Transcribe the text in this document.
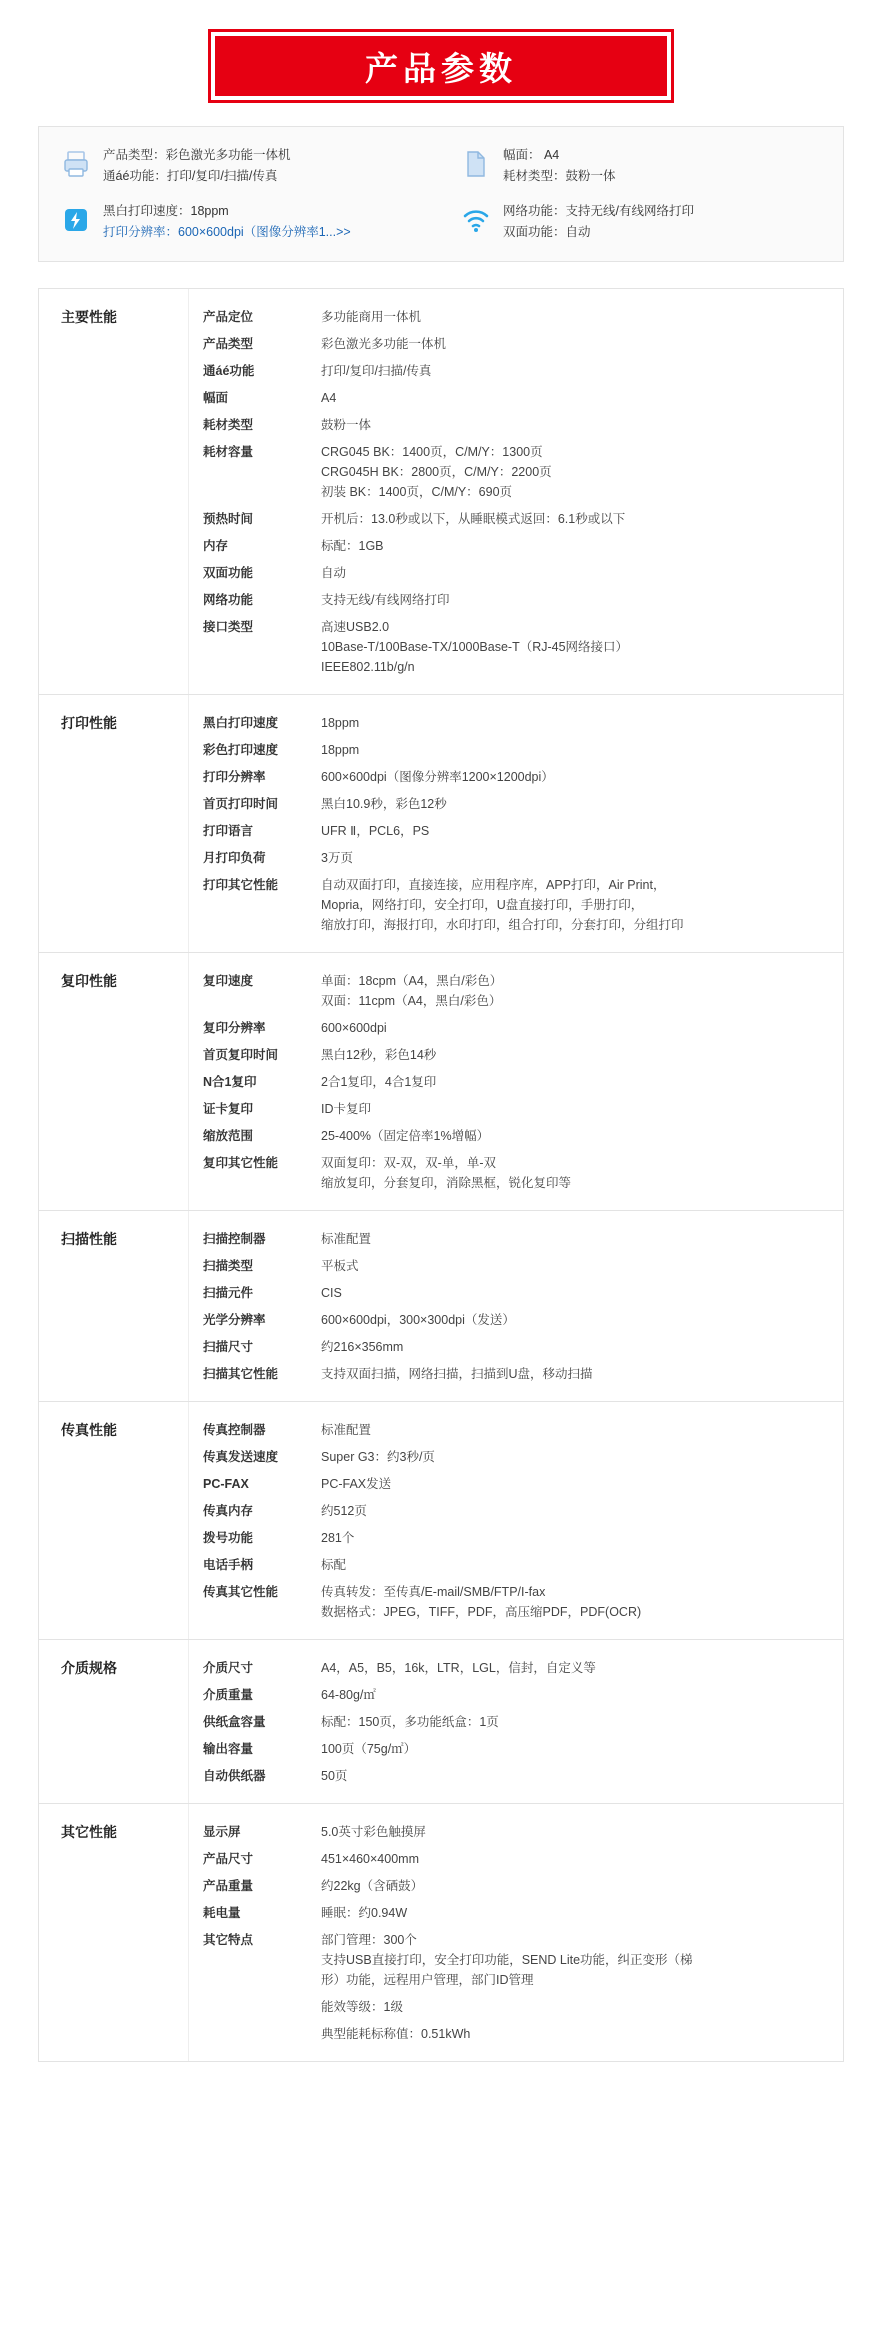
产品参数
产品类型：彩色激光多功能一体机
通áé功能：打印/复印/扫描/传真
幅面： A4
耗材类型：鼓粉一体
黑白打印速度：18ppm
打印分辨率：600×600dpi（图像分辨率1...>>
网络功能：支持无线/有线网络打印
双面功能：自动
主要性能	产品定位	多功能商用一体机
产品类型	彩色激光多功能一体机
通áé功能	打印/复印/扫描/传真
幅面	A4
耗材类型	鼓粉一体
耗材容量	CRG045 BK：1400页，C/M/Y：1300页
CRG045H BK：2800页，C/M/Y：2200页
初装 BK：1400页，C/M/Y：690页
预热时间	开机后：13.0秒或以下，从睡眠模式返回：6.1秒或以下
内存	标配：1GB
双面功能	自动
网络功能	支持无线/有线网络打印
接口类型	高速USB2.0
10Base-T/100Base-TX/1000Base-T（RJ-45网络接口）
IEEE802.11b/g/n
打印性能	黑白打印速度	18ppm
彩色打印速度	18ppm
打印分辨率	600×600dpi（图像分辨率1200×1200dpi）
首页打印时间	黑白10.9秒，彩色12秒
打印语言	UFR Ⅱ，PCL6，PS
月打印负荷	3万页
打印其它性能	自动双面打印，直接连接，应用程序库，APP打印，Air Print，
Mopria，网络打印，安全打印，U盘直接打印，手册打印，
缩放打印，海报打印，水印打印，组合打印，分套打印，分组打印
复印性能	复印速度	单面：18cpm（A4，黑白/彩色）
双面：11cpm（A4，黑白/彩色）
复印分辨率	600×600dpi
首页复印时间	黑白12秒，彩色14秒
N合1复印	2合1复印，4合1复印
证卡复印	ID卡复印
缩放范围	25-400%（固定倍率1%增幅）
复印其它性能	双面复印：双-双，双-单，单-双
缩放复印，分套复印，消除黑框，锐化复印等
扫描性能	扫描控制器	标准配置
扫描类型	平板式
扫描元件	CIS
光学分辨率	600×600dpi，300×300dpi（发送）
扫描尺寸	约216×356mm
扫描其它性能	支持双面扫描，网络扫描，扫描到U盘，移动扫描
传真性能	传真控制器	标准配置
传真发送速度	Super G3：约3秒/页
PC-FAX	PC-FAX发送
传真内存	约512页
拨号功能	281个
电话手柄	标配
传真其它性能	传真转发：至传真/E-mail/SMB/FTP/I-fax
数据格式：JPEG，TIFF，PDF，高压缩PDF，PDF(OCR)
介质规格	介质尺寸	A4，A5，B5，16k，LTR，LGL，信封，自定义等
介质重量	64-80g/㎡
供纸盒容量	标配：150页，多功能纸盒：1页
输出容量	100页（75g/㎡）
自动供纸器	50页
其它性能	显示屏	5.0英寸彩色触摸屏
产品尺寸	451×460×400mm
产品重量	约22kg（含硒鼓）
耗电量	睡眠：约0.94W
其它特点	部门管理：300个
支持USB直接打印，安全打印功能，SEND Lite功能，纠正变形（梯
形）功能，远程用户管理，部门ID管理
能效等级：1级
典型能耗标称值：0.51kWh
